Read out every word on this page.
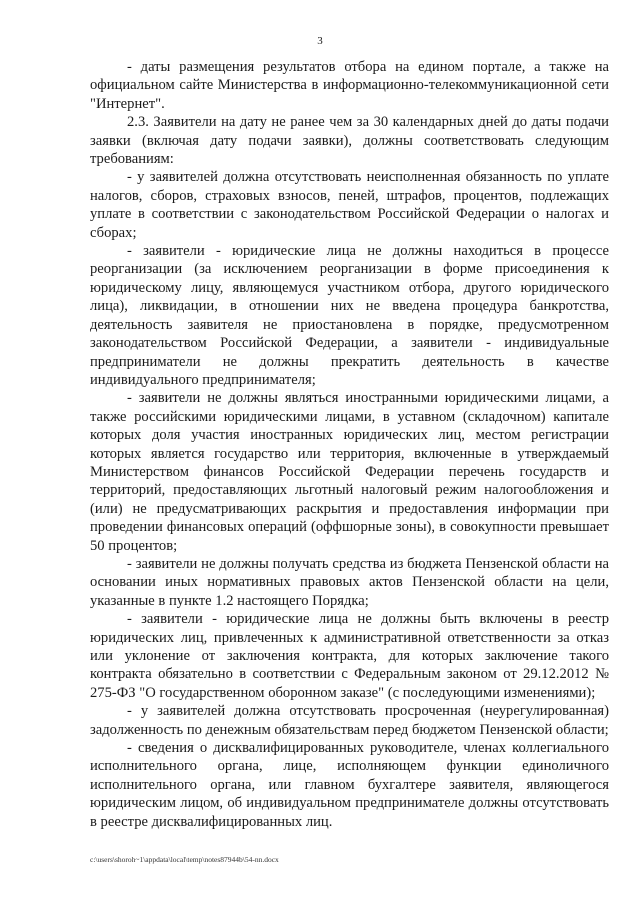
3

- даты размещения результатов отбора на едином портале, а также на официальном сайте Министерства в информационно-телекоммуникационной сети "Интернет".

2.3. Заявители на дату не ранее чем за 30 календарных дней до даты подачи заявки (включая дату подачи заявки), должны соответствовать следующим требованиям:

- у заявителей должна отсутствовать неисполненная обязанность по уплате налогов, сборов, страховых взносов, пеней, штрафов, процентов, подлежащих уплате в соответствии с законодательством Российской Федерации о налогах и сборах;

- заявители - юридические лица не должны находиться в процессе реорганизации (за исключением реорганизации в форме присоединения к юридическому лицу, являющемуся участником отбора, другого юридического лица), ликвидации, в отношении них не введена процедура банкротства, деятельность заявителя не приостановлена в порядке, предусмотренном законодательством Российской Федерации, а заявители - индивидуальные предприниматели не должны прекратить деятельность в качестве индивидуального предпринимателя;

- заявители не должны являться иностранными юридическими лицами, а также российскими юридическими лицами, в уставном (складочном) капитале которых доля участия иностранных юридических лиц, местом регистрации которых является государство или территория, включенные в утверждаемый Министерством финансов Российской Федерации перечень государств и территорий, предоставляющих льготный налоговый режим налогообложения и (или) не предусматривающих раскрытия и предоставления информации при проведении финансовых операций (оффшорные зоны), в совокупности превышает 50 процентов;

- заявители не должны получать средства из бюджета Пензенской области на основании иных нормативных правовых актов Пензенской области на цели, указанные в пункте 1.2 настоящего Порядка;

- заявители - юридические лица не должны быть включены в реестр юридических лиц, привлеченных к административной ответственности за отказ или уклонение от заключения контракта, для которых заключение такого контракта обязательно в соответствии с Федеральным законом от 29.12.2012 № 275-ФЗ "О государственном оборонном заказе" (с последующими изменениями);

- у заявителей должна отсутствовать просроченная (неурегулированная) задолженность по денежным обязательствам перед бюджетом Пензенской области;

- сведения о дисквалифицированных руководителе, членах коллегиального исполнительного органа, лице, исполняющем функции единоличного исполнительного органа, или главном бухгалтере заявителя, являющегося юридическим лицом, об индивидуальном предпринимателе должны отсутствовать в реестре дисквалифицированных лиц.

c:\users\shoroh~1\appdata\local\temp\notes87944b\54-nn.docx
